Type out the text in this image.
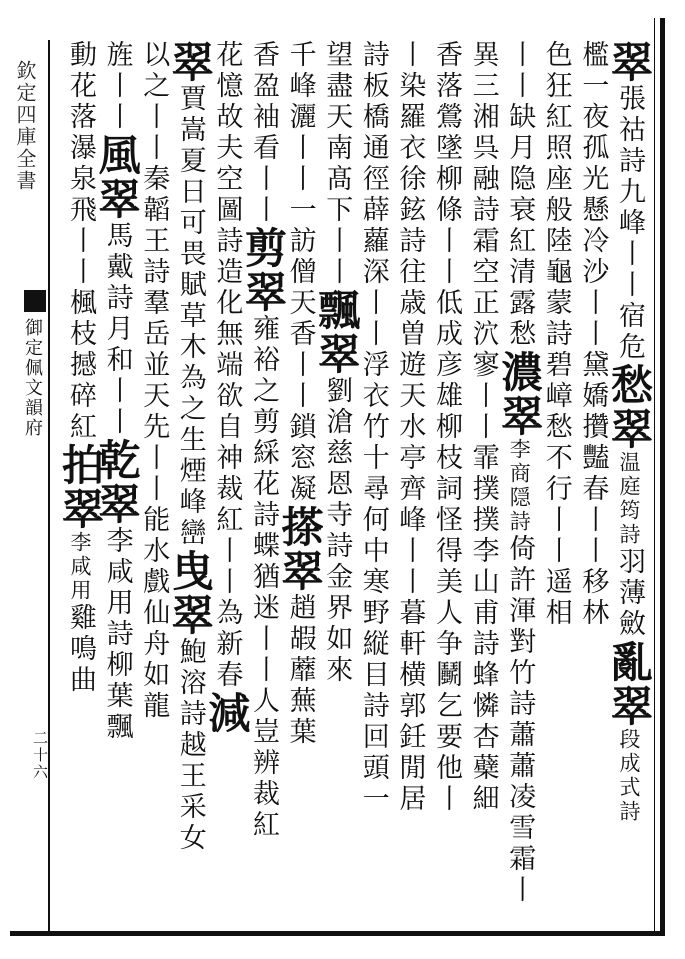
欽定四庫全書
御定佩文韻府
二十六
翠張祜詩九峰丨丨宿危愁翠温庭筠詩羽薄斂亂翠段成式詩
檻一夜孤光懸冷沙丨丨黛嬌攢豔春丨丨移林
色狂紅照座般陸龜蒙詩碧嶂愁不行丨丨遥相
丨丨缺月隐衰紅清露愁濃翠李商隠詩倚許渾對竹詩蕭蕭凌雪霜丨
異三湘呉融詩霜空正泬寥丨丨霏撲撲李山甫詩蜂憐杏蘗細
香落鶯墜柳條丨丨低成彦雄柳枝詞怪得美人争鬭乞要他丨
丨染羅衣徐鉉詩往歳曽遊天水亭齊峰丨丨暮軒横郭鈓閒居
詩板橋通徑薜蘿深丨丨浮衣竹十尋何中寒野縦目詩回頭一
望盡天南髙下丨丨飄翠劉滄慈恩寺詩金界如來
千峰灑丨丨一訪僧天香丨丨鎖窓凝搽翠趙嘏蘼蕪葉
香盈袖看丨丨剪翠雍裕之剪綵花詩蝶猶迷丨丨人豈辨裁紅
花憶故夫空圖詩造化無端欲自神裁紅丨丨為新春減
翠賈嵩夏日可畏賦草木為之生煙峰巒曳翠鮑溶詩越王采女
以之丨丨秦韜王詩羣岳並天先丨丨能水戲仙舟如龍
旌丨丨風翠馬戴詩月和丨丨乾翠李咸用詩柳葉飄
動花落瀑泉飛丨丨楓枝撼碎紅拍翠李咸用雞鳴曲
